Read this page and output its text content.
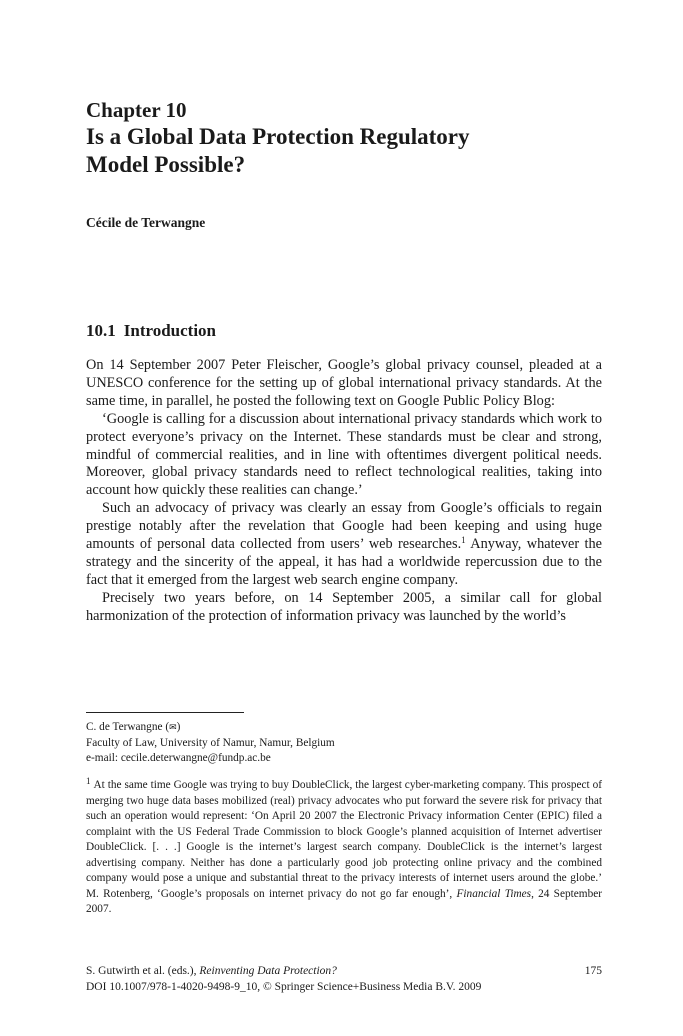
Chapter 10
Is a Global Data Protection Regulatory
Model Possible?
Cécile de Terwangne
10.1 Introduction

On 14 September 2007 Peter Fleischer, Google’s global privacy counsel, pleaded at a UNESCO conference for the setting up of global international privacy standards. At the same time, in parallel, he posted the following text on Google Public Policy Blog:

‘Google is calling for a discussion about international privacy standards which work to protect everyone’s privacy on the Internet. These standards must be clear and strong, mindful of commercial realities, and in line with oftentimes divergent political needs. Moreover, global privacy standards need to reflect technological realities, taking into account how quickly these realities can change.’

Such an advocacy of privacy was clearly an essay from Google’s officials to regain prestige notably after the revelation that Google had been keeping and using huge amounts of personal data collected from users’ web researches.$^1$ Anyway, whatever the strategy and the sincerity of the appeal, it has had a worldwide repercussion due to the fact that it emerged from the largest web search engine company.

Precisely two years before, on 14 September 2005, a similar call for global harmonization of the protection of information privacy was launched by the world’s

C. de Terwangne (✉)
Faculty of Law, University of Namur, Namur, Belgium
e-mail: cecile.deterwangne@fundp.ac.be
$^1$ At the same time Google was trying to buy DoubleClick, the largest cyber-marketing company. This prospect of merging two huge data bases mobilized (real) privacy advocates who put forward the severe risk for privacy that such an operation would represent: ‘On April 20 2007 the Electronic Privacy information Center (EPIC) filed a complaint with the US Federal Trade Commission to block Google’s planned acquisition of Internet advertiser DoubleClick. [. . .] Google is the internet’s largest search company. DoubleClick is the internet’s largest advertising company. Neither has done a particularly good job protecting online privacy and the combined company would pose a unique and substantial threat to the privacy interests of internet users around the globe.’ M. Rotenberg, ‘Google’s proposals on internet privacy do not go far enough’, Financial Times, 24 September 2007.
S. Gutwirth et al. (eds.), Reinventing Data Protection?	175
DOI 10.1007/978-1-4020-9498-9_10, © Springer Science+Business Media B.V. 2009
